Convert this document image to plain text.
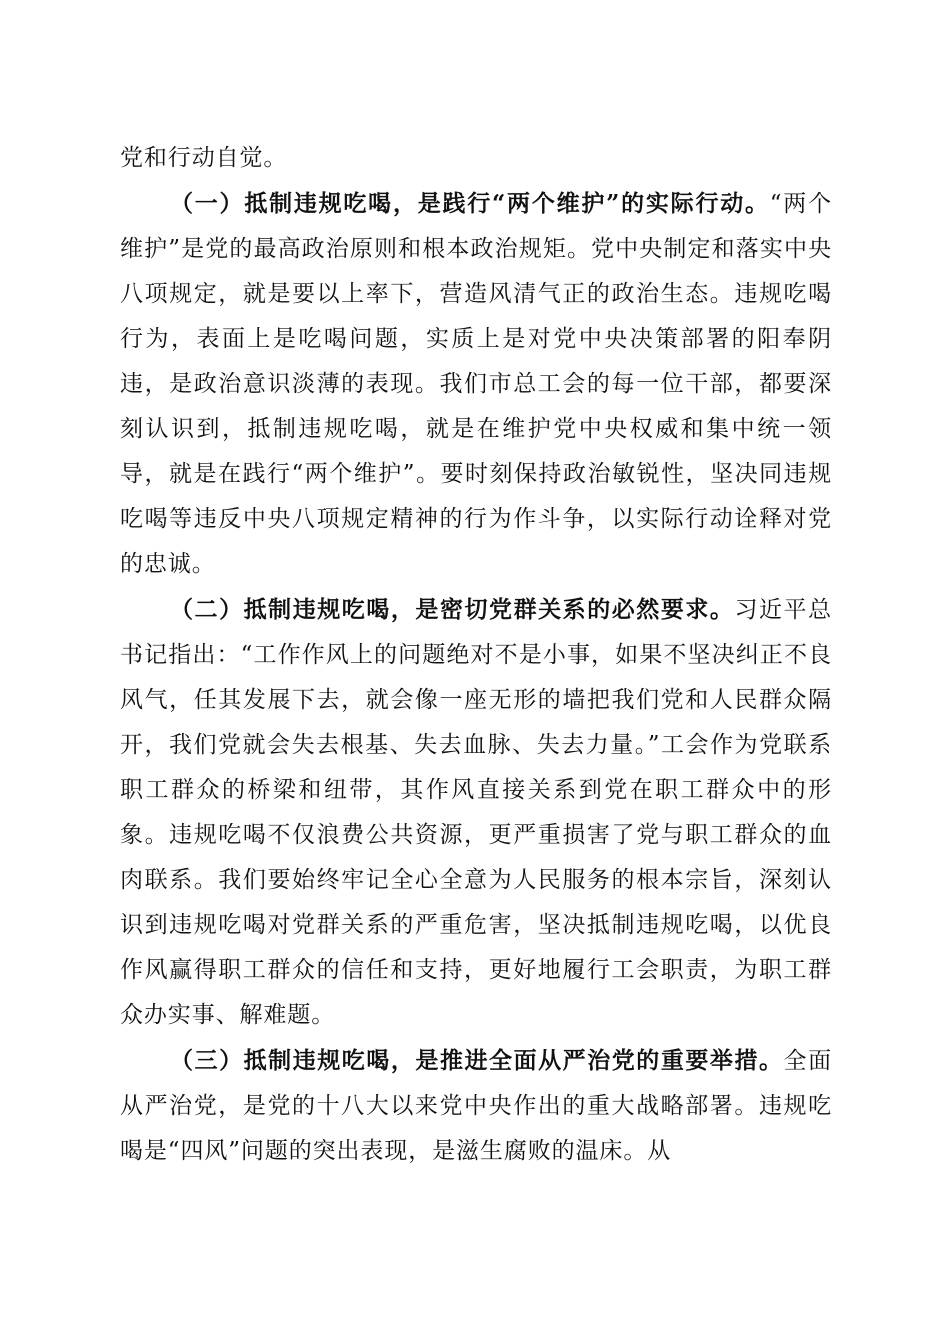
党和行动自觉。

（一）抵制违规吃喝，是践行“两个维护”的实际行动。“两个维护”是党的最高政治原则和根本政治规矩。党中央制定和落实中央八项规定，就是要以上率下，营造风清气正的政治生态。违规吃喝行为，表面上是吃喝问题，实质上是对党中央决策部署的阳奉阴违，是政治意识淡薄的表现。我们市总工会的每一位干部，都要深刻认识到，抵制违规吃喝，就是在维护党中央权威和集中统一领导，就是在践行“两个维护”。要时刻保持政治敏锐性，坚决同违规吃喝等违反中央八项规定精神的行为作斗争，以实际行动诠释对党的忠诚。

（二）抵制违规吃喝，是密切党群关系的必然要求。习近平总书记指出：“工作作风上的问题绝对不是小事，如果不坚决纠正不良风气，任其发展下去，就会像一座无形的墙把我们党和人民群众隔开，我们党就会失去根基、失去血脉、失去力量。”工会作为党联系职工群众的桥梁和纽带，其作风直接关系到党在职工群众中的形象。违规吃喝不仅浪费公共资源，更严重损害了党与职工群众的血肉联系。我们要始终牢记全心全意为人民服务的根本宗旨，深刻认识到违规吃喝对党群关系的严重危害，坚决抵制违规吃喝，以优良作风赢得职工群众的信任和支持，更好地履行工会职责，为职工群众办实事、解难题。

（三）抵制违规吃喝，是推进全面从严治党的重要举措。全面从严治党，是党的十八大以来党中央作出的重大战略部署。违规吃喝是“四风”问题的突出表现，是滋生腐败的温床。从
